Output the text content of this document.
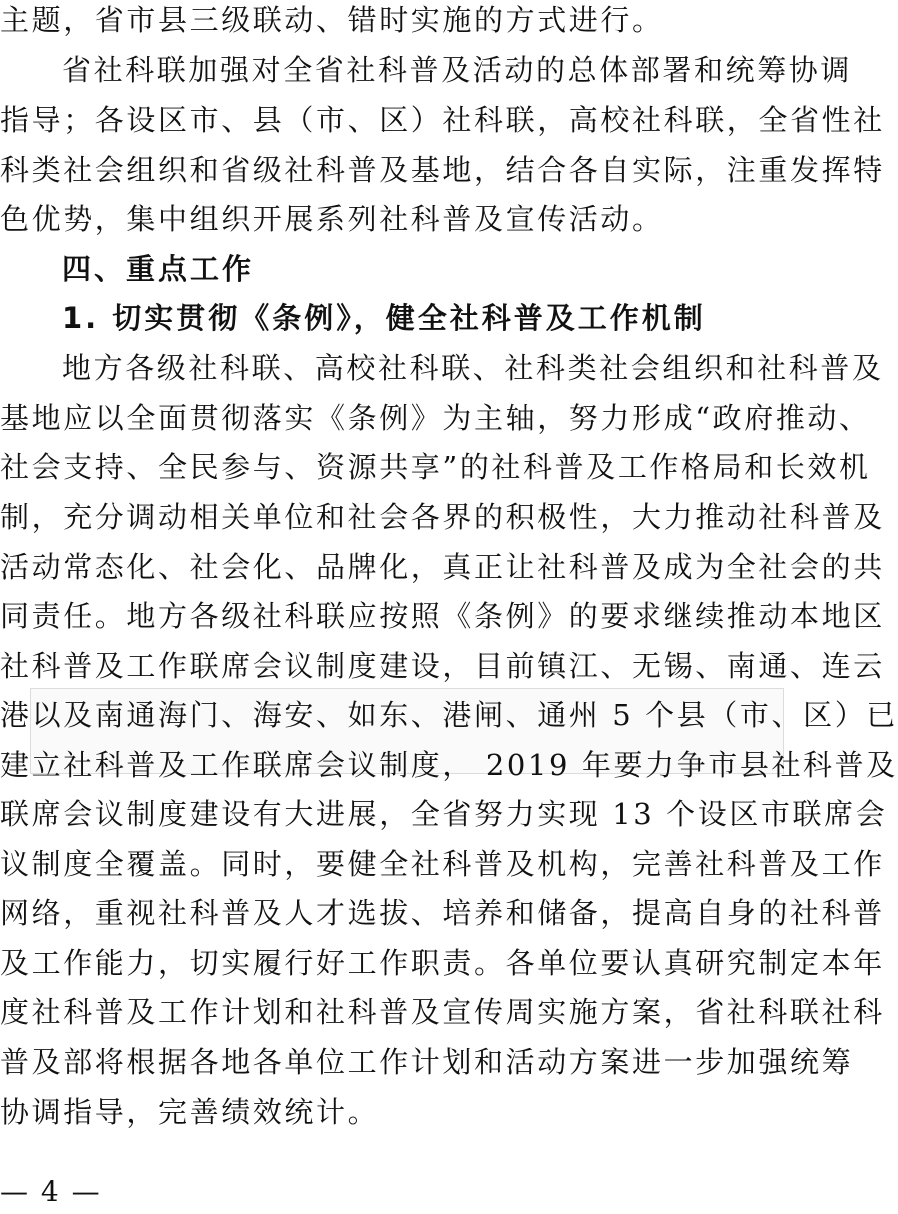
主题，省市县三级联动、错时实施的方式进行。
省社科联加强对全省社科普及活动的总体部署和统筹协调
指导；各设区市、县（市、区）社科联，高校社科联，全省性社
科类社会组织和省级社科普及基地，结合各自实际，注重发挥特
色优势，集中组织开展系列社科普及宣传活动。
四、重点工作
1. 切实贯彻《条例》，健全社科普及工作机制
地方各级社科联、高校社科联、社科类社会组织和社科普及
基地应以全面贯彻落实《条例》为主轴，努力形成“政府推动、
社会支持、全民参与、资源共享”的社科普及工作格局和长效机
制，充分调动相关单位和社会各界的积极性，大力推动社科普及
活动常态化、社会化、品牌化，真正让社科普及成为全社会的共
同责任。地方各级社科联应按照《条例》的要求继续推动本地区
社科普及工作联席会议制度建设，目前镇江、无锡、南通、连云
港以及南通海门、海安、如东、港闸、通州 5 个县（市、区）已
建立社科普及工作联席会议制度， 2019 年要力争市县社科普及
联席会议制度建设有大进展，全省努力实现 13 个设区市联席会
议制度全覆盖。同时，要健全社科普及机构，完善社科普及工作
网络，重视社科普及人才选拔、培养和储备，提高自身的社科普
及工作能力，切实履行好工作职责。各单位要认真研究制定本年
度社科普及工作计划和社科普及宣传周实施方案，省社科联社科
普及部将根据各地各单位工作计划和活动方案进一步加强统筹
协调指导，完善绩效统计。
— 4 —
